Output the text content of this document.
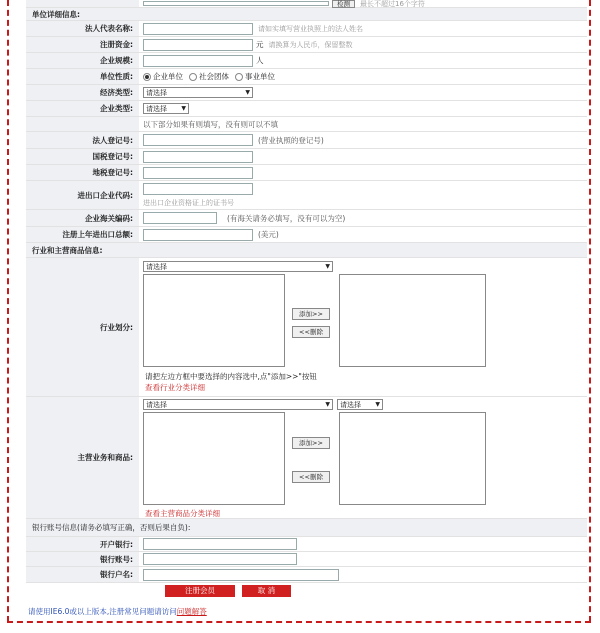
检测	最长不超过16个字符
单位详细信息:
法人代表名称:	请如实填写营业执照上的法人姓名
注册资金:	元 请换算为人民币，保留整数
企业规模:	人
单位性质:	企业单位 社会团体 事业单位
经济类型:	请选择	▼
企业类型:	请选择 ▼
以下部分如果有则填写，没有则可以不填
法人登记号:	(营业执照的登记号)
国税登记号:
地税登记号:
进出口企业代码:
进出口企业资格证上的证书号
企业海关编码:	(有海关请务必填写，没有可以为空)
注册上年进出口总额:	(美元)
行业和主营商品信息:
行业划分:
请选择	▼
添加>>
<<删除
请把左边方框中要选择的内容选中,点"添加>>"按钮
查看行业分类详细
主营业务和商品:
请选择	▼ 请选择 ▼
添加>>
<<删除
查看主营商品分类详细
银行账号信息(请务必填写正确，否则后果自负):
开户银行:
银行账号:
银行户名:
注册会员	取 消
请使用IE6.0或以上版本,注册常见问题请访问问题解答
